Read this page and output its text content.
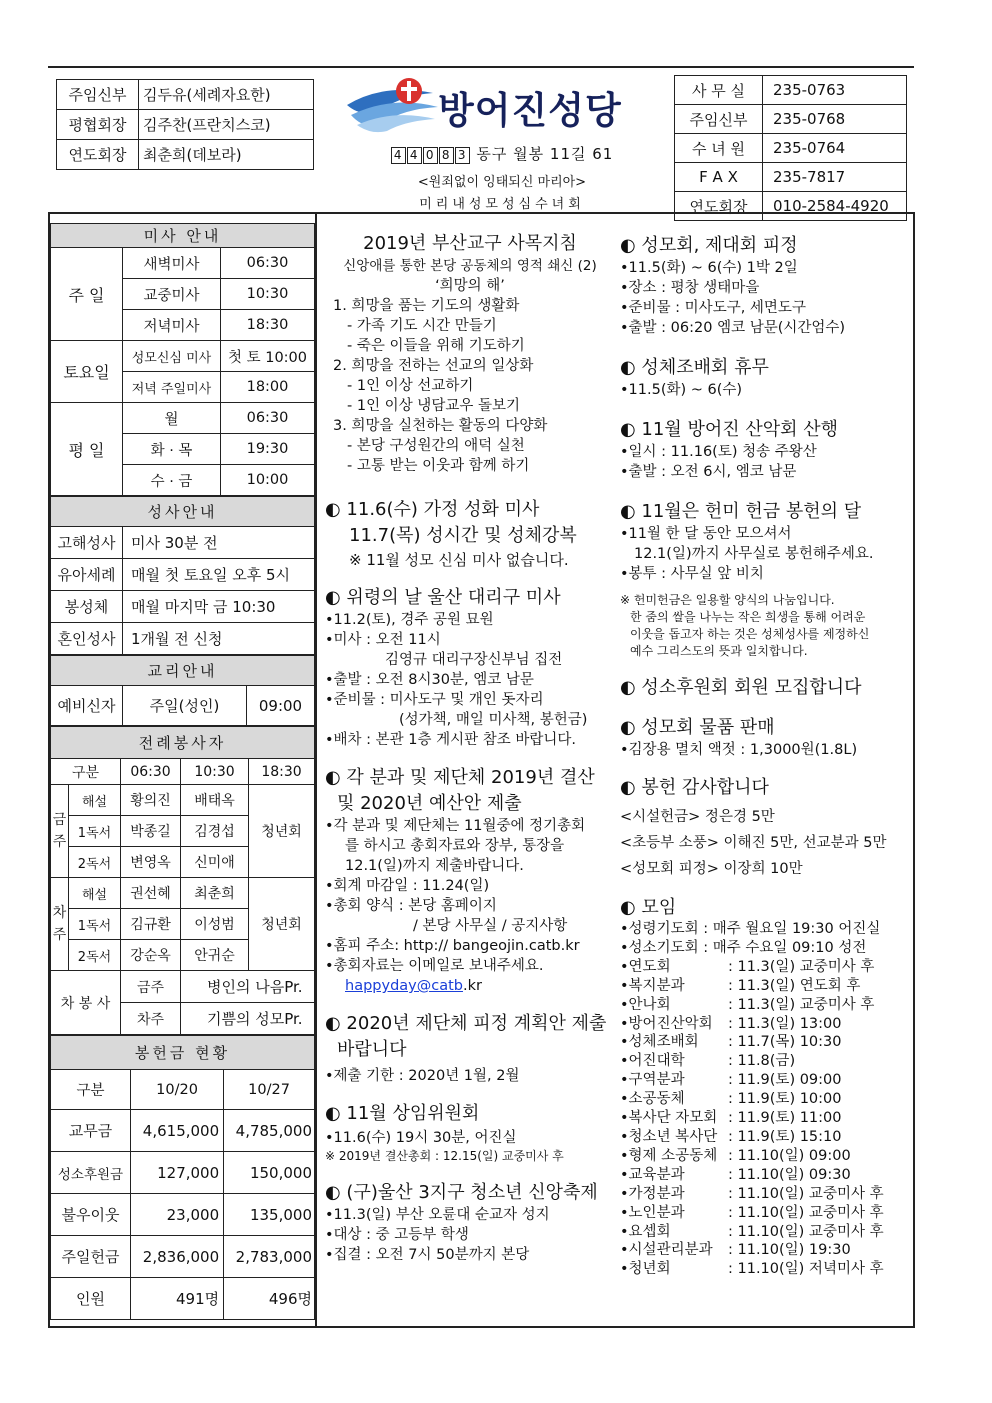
주임신부	김두유(세례자요한)
평협회장	김주찬(프란치스코)
연도회장	최춘희(데보라)
방어진성당
4 4 0 8 3 동구 월봉 11길 61
<원죄없이 잉태되신 마리아>
미리내성모성심수녀회
사 무 실	235-0763
주임신부	235-0768
수 녀 원	235-0764
F A X	235-7817
연도회장	010-2584-4920
미사 안내		
주 일	새벽미사	06:30
	교중미사	10:30
	저녁미사	18:30
토요일	성모신심 미사	첫 토 10:00
	저녁 주일미사	18:00
평 일	월	06:30
	화 · 목	19:30
	수 · 금	10:00
성사안내	
고해성사	미사 30분 전
유아세례	매월 첫 토요일 오후 5시
봉성체	매월 마지막 금 10:30
혼인성사	1개월 전 신청
교리안내
예비신자	주일(성인)	09:00
전례봉사자				
구분		06:30	10:30	18:30
금주	해설	황의진	배태옥	청년회
	1독서	박종길	김경섭	
	2독서	변영옥	신미애	
차주	해설	권선혜	최춘희	청년회
	1독서	김규환	이성범	
	2독서	강순옥	안귀순	
차 봉 사		금주	병인의 나음Pr.	
		차주	기쁨의 성모Pr.	
봉헌금 현황		
구분	10/20	10/27
교무금	4,615,000	4,785,000
성소후원금	127,000	150,000
불우이웃	23,000	135,000
주일헌금	2,836,000	2,783,000
인원	491명	496명
2019년 부산교구 사목지침
신앙애를 통한 본당 공동체의 영적 쇄신 (2)
‘희망의 해’
1. 희망을 품는 기도의 생활화
- 가족 기도 시간 만들기
- 죽은 이들을 위해 기도하기
2. 희망을 전하는 선교의 일상화
- 1인 이상 선교하기
- 1인 이상 냉담교우 돌보기
3. 희망을 실천하는 활동의 다양화
- 본당 구성원간의 애덕 실천
- 고통 받는 이웃과 함께 하기
◐ 11.6(수) 가정 성화 미사
11.7(목) 성시간 및 성체강복
※ 11월 성모 신심 미사 없습니다.
◐ 위령의 날 울산 대리구 미사
•11.2(토), 경주 공원 묘원
•미사 : 오전 11시
김영규 대리구장신부님 집전
•출발 : 오전 8시30분, 엠코 남문
•준비물 : 미사도구 및 개인 돗자리
(성가책, 매일 미사책, 봉헌금)
•배차 : 본관 1층 게시판 참조 바랍니다.
◐ 각 분과 및 제단체 2019년 결산
및 2020년 예산안 제출
•각 분과 및 제단체는 11월중에 정기총회
를 하시고 총회자료와 장부, 통장을
12.1(일)까지 제출바랍니다.
•회계 마감일 : 11.24(일)
•총회 양식 : 본당 홈페이지
/ 본당 사무실 / 공지사항
•홈피 주소: http:// bangeojin.catb.kr
•총회자료는 이메일로 보내주세요.
happyday@catb.kr
◐ 2020년 제단체 피정 계획안 제출
바랍니다
•제출 기한 : 2020년 1월, 2월
◐ 11월 상임위원회
•11.6(수) 19시 30분, 어진실
※ 2019년 결산총회 : 12.15(일) 교중미사 후
◐ (구)울산 3지구 청소년 신앙축제
•11.3(일) 부산 오륜대 순교자 성지
•대상 : 중 고등부 학생
•집결 : 오전 7시 50분까지 본당
◐ 성모회, 제대회 피정
•11.5(화) ~ 6(수) 1박 2일
•장소 : 평창 생태마을
•준비물 : 미사도구, 세면도구
•출발 : 06:20 엠코 남문(시간엄수)
◐ 성체조배회 휴무
•11.5(화) ~ 6(수)
◐ 11월 방어진 산악회 산행
•일시 : 11.16(토) 청송 주왕산
•출발 : 오전 6시, 엠코 남문
◐ 11월은 헌미 헌금 봉헌의 달
•11월 한 달 동안 모으셔서
12.1(일)까지 사무실로 봉헌해주세요.
•봉투 : 사무실 앞 비치
※ 헌미헌금은 일용할 양식의 나눔입니다.
한 줌의 쌀을 나누는 작은 희생을 통해 어려운
이웃을 돕고자 하는 것은 성체성사를 제정하신
예수 그리스도의 뜻과 일치합니다.
◐ 성소후원회 회원 모집합니다
◐ 성모회 물품 판매
•김장용 멸치 액젓 : 1,3000원(1.8L)
◐ 봉헌 감사합니다
<시설헌금> 정은경 5만
<초등부 소풍> 이해진 5만, 선교분과 5만
<성모회 피정> 이장희 10만
◐ 모임
•성령기도회 : 매주 월요일 19:30 어진실
•성소기도회 : 매주 수요일 09:10 성전
•연도회	: 11.3(일) 교중미사 후
•복지분과	: 11.3(일) 연도회 후
•안나회	: 11.3(일) 교중미사 후
•방어진산악회	: 11.3(일) 13:00
•성체조배회	: 11.7(목) 10:30
•어진대학	: 11.8(금)
•구역분과	: 11.9(토) 09:00
•소공동체	: 11.9(토) 10:00
•복사단 자모회 : 11.9(토) 11:00
•청소년 복사단 : 11.9(토) 15:10
•형제 소공동체 : 11.10(일) 09:00
•교육분과	: 11.10(일) 09:30
•가정분과	: 11.10(일) 교중미사 후
•노인분과	: 11.10(일) 교중미사 후
•요셉회	: 11.10(일) 교중미사 후
•시설관리분과	: 11.10(일) 19:30
•청년회	: 11.10(일) 저녁미사 후
